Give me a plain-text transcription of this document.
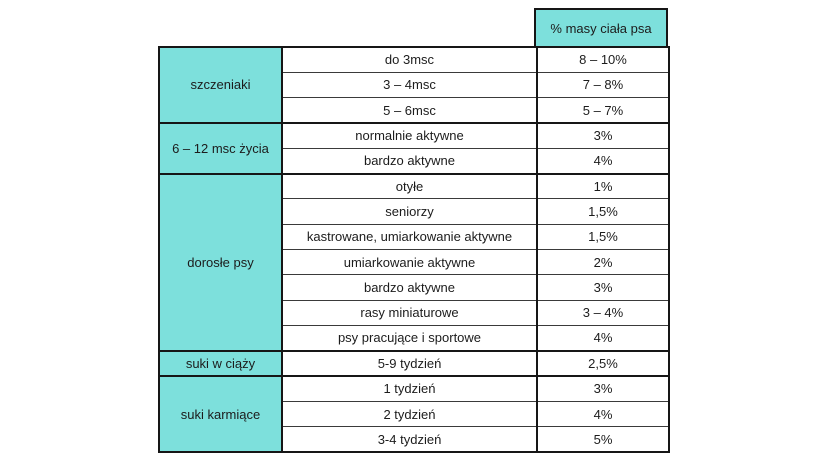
% masy ciała psa
szczeniaki	do 3msc	8 – 10%
	3 – 4msc	7 – 8%
	5 – 6msc	5 – 7%
6 – 12 msc życia	normalnie aktywne	3%
	bardzo aktywne	4%
dorosłe psy	otyłe	1%
	seniorzy	1,5%
	kastrowane, umiarkowanie aktywne	1,5%
	umiarkowanie aktywne	2%
	bardzo aktywne	3%
	rasy miniaturowe	3 – 4%
	psy pracujące i sportowe	4%
suki w ciąży	5-9 tydzień	2,5%
suki karmiące	1 tydzień	3%
	2 tydzień	4%
	3-4 tydzień	5%
